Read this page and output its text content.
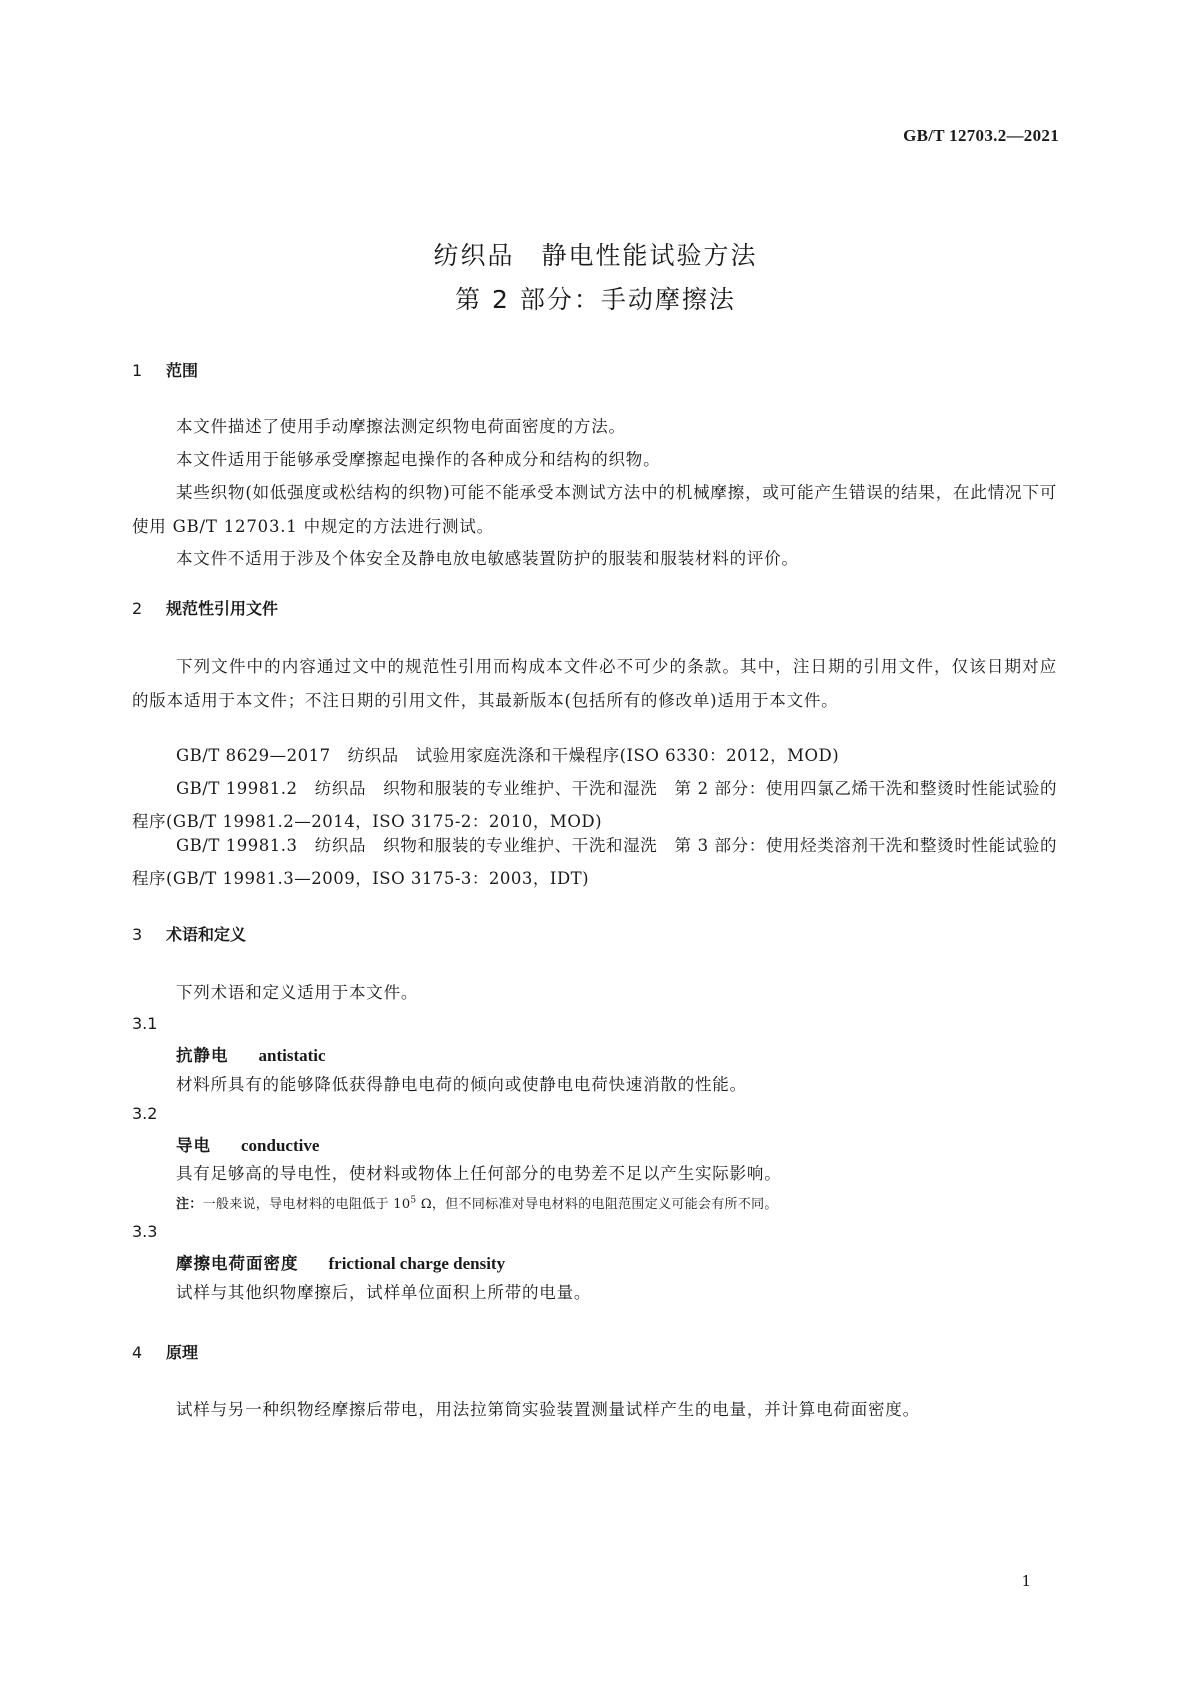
GB/T 12703.2—2021
纺织品　静电性能试验方法
第 2 部分：手动摩擦法
1 范围
本文件描述了使用手动摩擦法测定织物电荷面密度的方法。
本文件适用于能够承受摩擦起电操作的各种成分和结构的织物。
某些织物(如低强度或松结构的织物)可能不能承受本测试方法中的机械摩擦，或可能产生错误的结果，在此情况下可使用 GB/T 12703.1 中规定的方法进行测试。
本文件不适用于涉及个体安全及静电放电敏感装置防护的服装和服装材料的评价。
2 规范性引用文件
下列文件中的内容通过文中的规范性引用而构成本文件必不可少的条款。其中，注日期的引用文件，仅该日期对应的版本适用于本文件；不注日期的引用文件，其最新版本(包括所有的修改单)适用于本文件。
GB/T 8629—2017　纺织品　试验用家庭洗涤和干燥程序(ISO 6330：2012，MOD)
GB/T 19981.2　纺织品　织物和服装的专业维护、干洗和湿洗　第 2 部分：使用四氯乙烯干洗和整烫时性能试验的程序(GB/T 19981.2—2014，ISO 3175-2：2010，MOD)
GB/T 19981.3　纺织品　织物和服装的专业维护、干洗和湿洗　第 3 部分：使用烃类溶剂干洗和整烫时性能试验的程序(GB/T 19981.3—2009，ISO 3175-3：2003，IDT)
3 术语和定义
下列术语和定义适用于本文件。
3.1
抗静电 antistatic
材料所具有的能够降低获得静电电荷的倾向或使静电电荷快速消散的性能。
3.2
导电 conductive
具有足够高的导电性，使材料或物体上任何部分的电势差不足以产生实际影响。
注：一般来说，导电材料的电阻低于 $10^5$ Ω，但不同标准对导电材料的电阻范围定义可能会有所不同。
3.3
摩擦电荷面密度 frictional charge density
试样与其他织物摩擦后，试样单位面积上所带的电量。
4 原理
试样与另一种织物经摩擦后带电，用法拉第筒实验装置测量试样产生的电量，并计算电荷面密度。
1
